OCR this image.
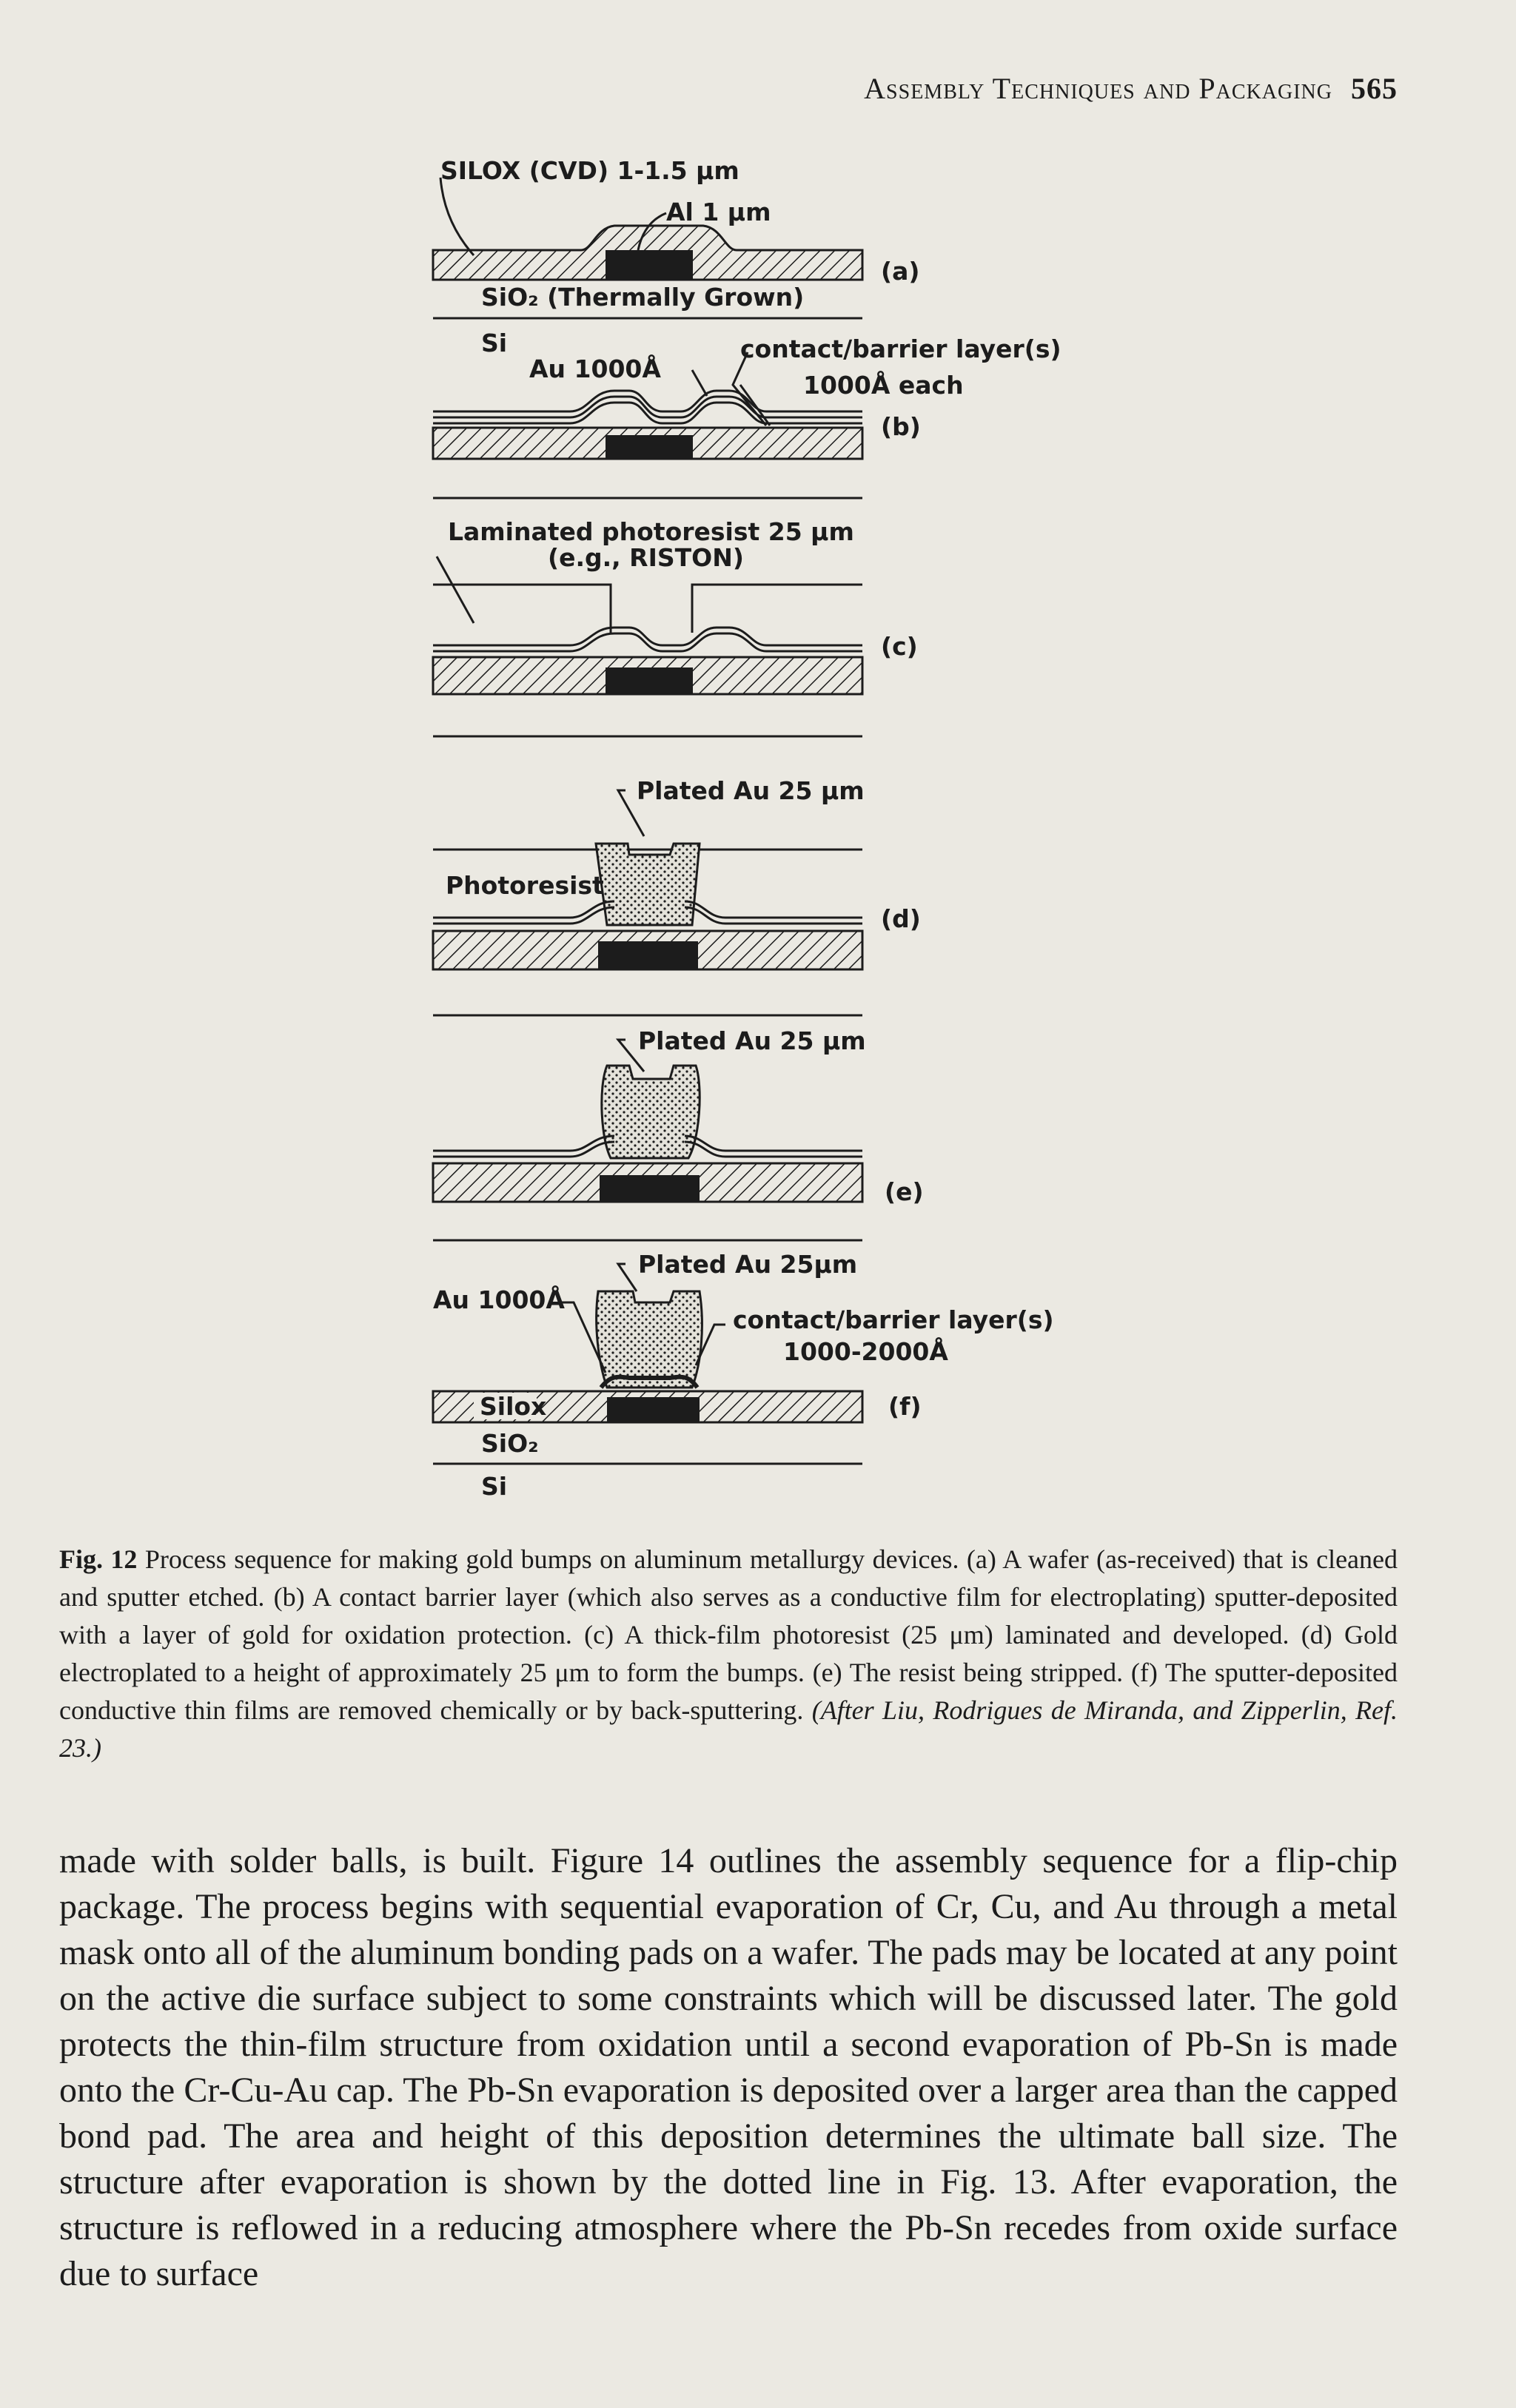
Assembly Techniques and Packaging 565
SILOX (CVD) 1-1.5 μm
Al 1 μm
SiO₂ (Thermally Grown)
Si
(a)
Au 1000Å
contact/barrier layer(s)
1000Å each
(b)
Laminated photoresist 25 μm
(e.g., RISTON)
(c)
Plated Au 25 μm
Photoresist
(d)
Plated Au 25 μm
(e)
Plated Au 25μm
Au 1000Å
contact/barrier layer(s)
1000-2000Å
Silox
SiO₂
Si
(f)
Fig. 12 Process sequence for making gold bumps on aluminum metallurgy devices. (a) A wafer (as-received) that is cleaned and sputter etched. (b) A contact barrier layer (which also serves as a conductive film for electroplating) sputter-deposited with a layer of gold for oxidation protection. (c) A thick-film photoresist (25 μm) laminated and developed. (d) Gold electroplated to a height of approximately 25 μm to form the bumps. (e) The resist being stripped. (f) The sputter-deposited conductive thin films are removed chemically or by back-sputtering. (After Liu, Rodrigues de Miranda, and Zipperlin, Ref. 23.)
made with solder balls, is built. Figure 14 outlines the assembly sequence for a flip-chip package. The process begins with sequential evaporation of Cr, Cu, and Au through a metal mask onto all of the aluminum bonding pads on a wafer. The pads may be located at any point on the active die surface subject to some constraints which will be discussed later. The gold protects the thin-film structure from oxidation until a second evaporation of Pb-Sn is made onto the Cr-Cu-Au cap. The Pb-Sn evaporation is deposited over a larger area than the capped bond pad. The area and height of this deposition determines the ultimate ball size. The structure after evaporation is shown by the dotted line in Fig. 13. After evaporation, the structure is reflowed in a reducing atmosphere where the Pb-Sn recedes from oxide surface due to surface
